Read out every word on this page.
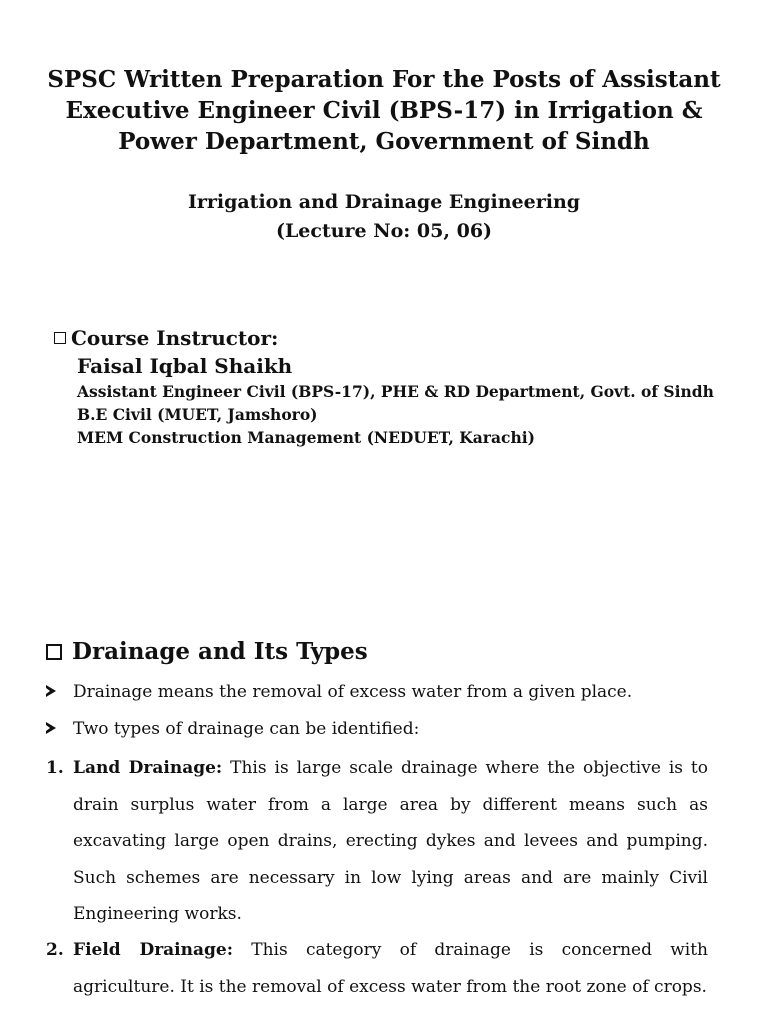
SPSC Written Preparation For the Posts of Assistant
Executive Engineer Civil (BPS-17) in Irrigation &
Power Department, Government of Sindh
Irrigation and Drainage Engineering
(Lecture No: 05, 06)
Course Instructor:
Faisal Iqbal Shaikh
Assistant Engineer Civil (BPS-17), PHE & RD Department, Govt. of Sindh
B.E Civil (MUET, Jamshoro)
MEM Construction Management (NEDUET, Karachi)
Drainage and Its Types
Drainage means the removal of excess water from a given place.
Two types of drainage can be identified:
1. Land Drainage: This is large scale drainage where the objective is to drain surplus water from a large area by different means such as excavating large open drains, erecting dykes and levees and pumping. Such schemes are necessary in low lying areas and are mainly Civil Engineering works.
2. Field Drainage: This category of drainage is concerned with agriculture. It is the removal of excess water from the root zone of crops.
